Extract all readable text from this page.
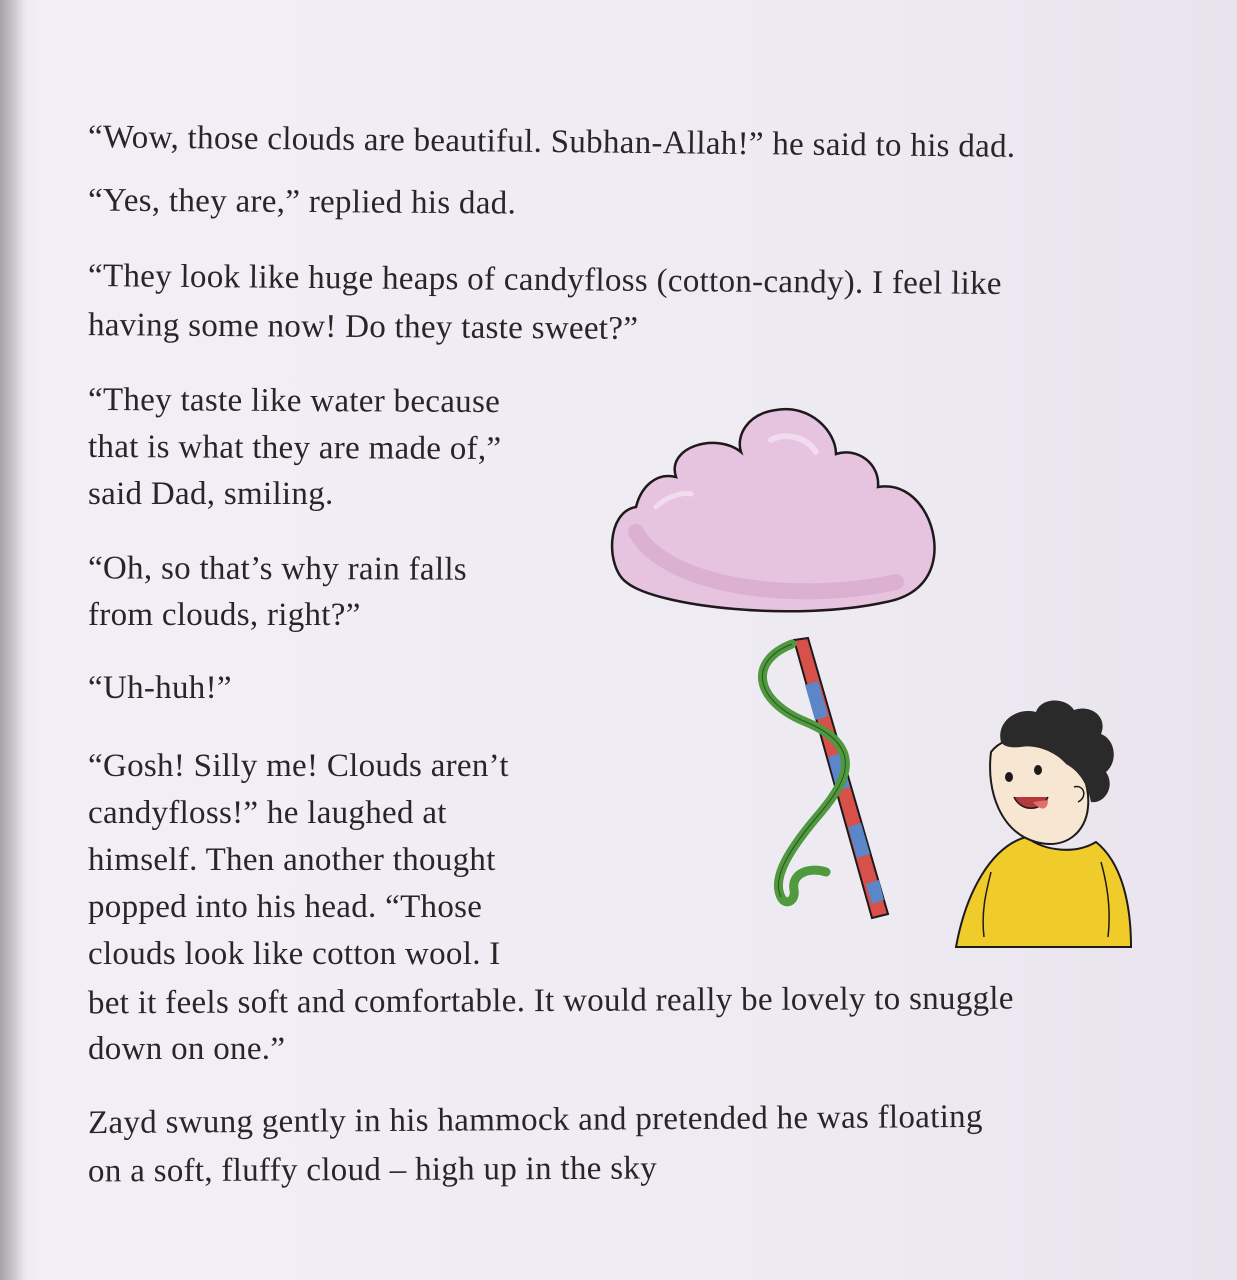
“Wow, those clouds are beautiful. Subhan-Allah!” he said to his dad.

“Yes, they are,” replied his dad.

“They look like huge heaps of candyfloss (cotton-candy). I feel like

having some now! Do they taste sweet?”

“They taste like water because

that is what they are made of,”

said Dad, smiling.

“Oh, so that’s why rain falls

from clouds, right?”

“Uh-huh!”

“Gosh! Silly me! Clouds aren’t

candyfloss!” he laughed at

himself. Then another thought

popped into his head. “Those

clouds look like cotton wool. I

bet it feels soft and comfortable. It would really be lovely to snuggle

down on one.”

Zayd swung gently in his hammock and pretended he was floating

on a soft, fluffy cloud – high up in the sky
